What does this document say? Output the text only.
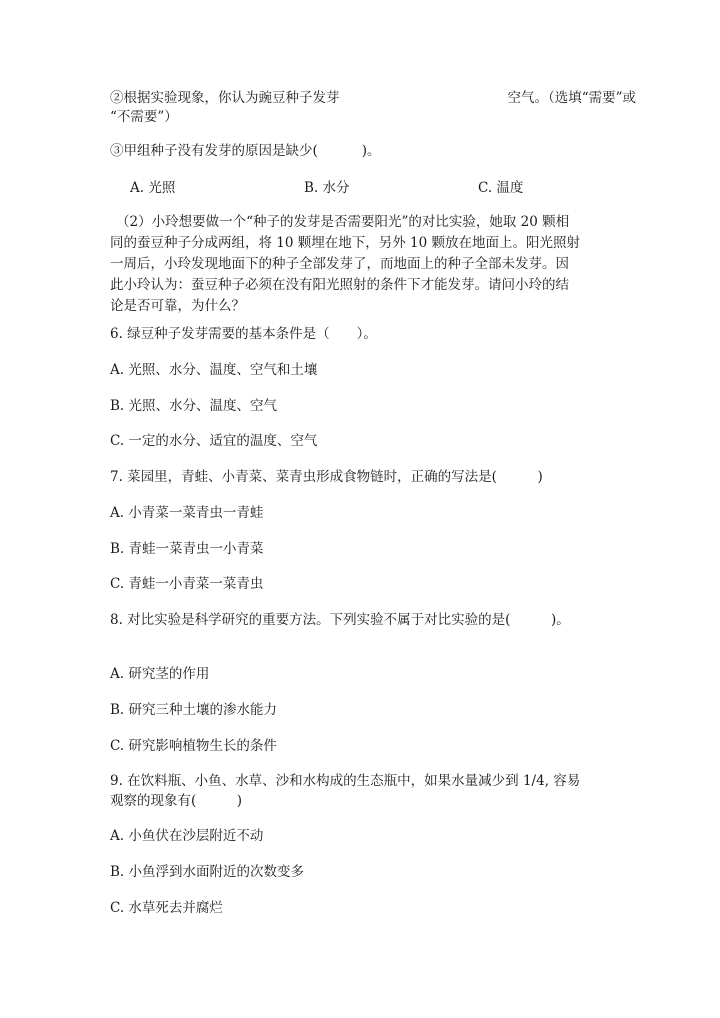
②根据实验现象，你认为豌豆种子发芽	空气。（选填“需要”或
“不需要”）
③甲组种子没有发芽的原因是缺少(	)。
A. 光照	B. 水分	C. 温度
（2）小玲想要做一个“种子的发芽是否需要阳光”的对比实验，她取 20 颗相
同的蚕豆种子分成两组，将 10 颗埋在地下，另外 10 颗放在地面上。阳光照射
一周后，小玲发现地面下的种子全部发芽了，而地面上的种子全部未发芽。因
此小玲认为：蚕豆种子必须在没有阳光照射的条件下才能发芽。请问小玲的结
论是否可靠，为什么？
6. 绿豆种子发芽需要的基本条件是（　　）。
A. 光照、水分、温度、空气和土壤
B. 光照、水分、温度、空气
C. 一定的水分、适宜的温度、空气
7. 菜园里，青蛙、小青菜、菜青虫形成食物链时，正确的写法是(　　　)
A. 小青菜一菜青虫一青蛙
B. 青蛙一菜青虫一小青菜
C. 青蛙一小青菜一菜青虫
8. 对比实验是科学研究的重要方法。下列实验不属于对比实验的是(　　　)。
A. 研究茎的作用
B. 研究三种土壤的渗水能力
C. 研究影响植物生长的条件
9. 在饮料瓶、小鱼、水草、沙和水构成的生态瓶中，如果水量减少到 1/4, 容易
观察的现象有(　　　)
A. 小鱼伏在沙层附近不动
B. 小鱼浮到水面附近的次数变多
C. 水草死去并腐烂
